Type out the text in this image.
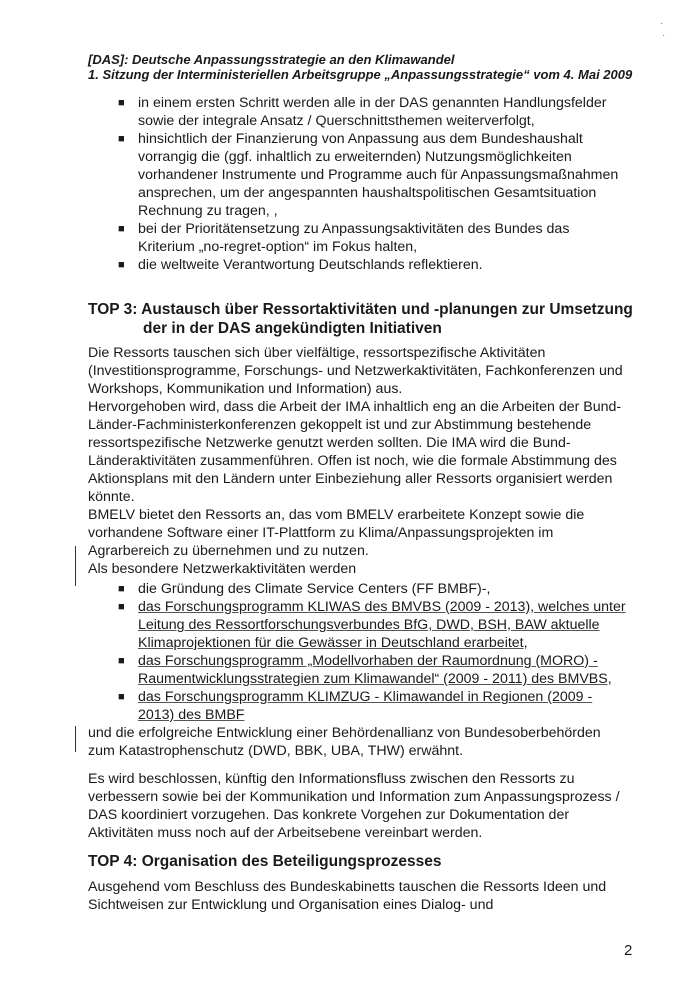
[DAS]: Deutsche Anpassungsstrategie an den Klimawandel
1. Sitzung der Interministeriellen Arbeitsgruppe „Anpassungsstrategie“ vom 4. Mai 2009
■ in einem ersten Schritt werden alle in der DAS genannten Handlungsfelder
sowie der integrale Ansatz / Querschnittsthemen weiterverfolgt,
■ hinsichtlich der Finanzierung von Anpassung aus dem Bundeshaushalt
vorrangig die (ggf. inhaltlich zu erweiternden) Nutzungsmöglichkeiten
vorhandener Instrumente und Programme auch für Anpassungsmaßnahmen
ansprechen, um der angespannten haushaltspolitischen Gesamtsituation
Rechnung zu tragen, ,
■ bei der Prioritätensetzung zu Anpassungsaktivitäten des Bundes das
Kriterium „no-regret-option“ im Fokus halten,
■ die weltweite Verantwortung Deutschlands reflektieren.
TOP 3: Austausch über Ressortaktivitäten und -planungen zur Umsetzung
der in der DAS angekündigten Initiativen
Die Ressorts tauschen sich über vielfältige, ressortspezifische Aktivitäten
(Investitionsprogramme, Forschungs- und Netzwerkaktivitäten, Fachkonferenzen und
Workshops, Kommunikation und Information) aus.
Hervorgehoben wird, dass die Arbeit der IMA inhaltlich eng an die Arbeiten der Bund-
Länder-Fachministerkonferenzen gekoppelt ist und zur Abstimmung bestehende
ressortspezifische Netzwerke genutzt werden sollten. Die IMA wird die Bund-
Länderaktivitäten zusammenführen. Offen ist noch, wie die formale Abstimmung des
Aktionsplans mit den Ländern unter Einbeziehung aller Ressorts organisiert werden
könnte.
BMELV bietet den Ressorts an, das vom BMELV erarbeitete Konzept sowie die
vorhandene Software einer IT-Plattform zu Klima/Anpassungsprojekten im
Agrarbereich zu übernehmen und zu nutzen.
Als besondere Netzwerkaktivitäten werden
■ die Gründung des Climate Service Centers (FF BMBF)-,
■ das Forschungsprogramm KLIWAS des BMVBS (2009 - 2013), welches unter
Leitung des Ressortforschungsverbundes BfG, DWD, BSH, BAW aktuelle
Klimaprojektionen für die Gewässer in Deutschland erarbeitet,
■ das Forschungsprogramm „Modellvorhaben der Raumordnung (MORO) -
Raumentwicklungsstrategien zum Klimawandel“ (2009 - 2011) des BMVBS,
■ das Forschungsprogramm KLIMZUG - Klimawandel in Regionen (2009 -
2013) des BMBF
und die erfolgreiche Entwicklung einer Behördenallianz von Bundesoberbehörden
zum Katastrophenschutz (DWD, BBK, UBA, THW) erwähnt.
Es wird beschlossen, künftig den Informationsfluss zwischen den Ressorts zu
verbessern sowie bei der Kommunikation und Information zum Anpassungsprozess /
DAS koordiniert vorzugehen. Das konkrete Vorgehen zur Dokumentation der
Aktivitäten muss noch auf der Arbeitsebene vereinbart werden.
TOP 4: Organisation des Beteiligungsprozesses
Ausgehend vom Beschluss des Bundeskabinetts tauschen die Ressorts Ideen und
Sichtweisen zur Entwicklung und Organisation eines Dialog- und
2
·
·
